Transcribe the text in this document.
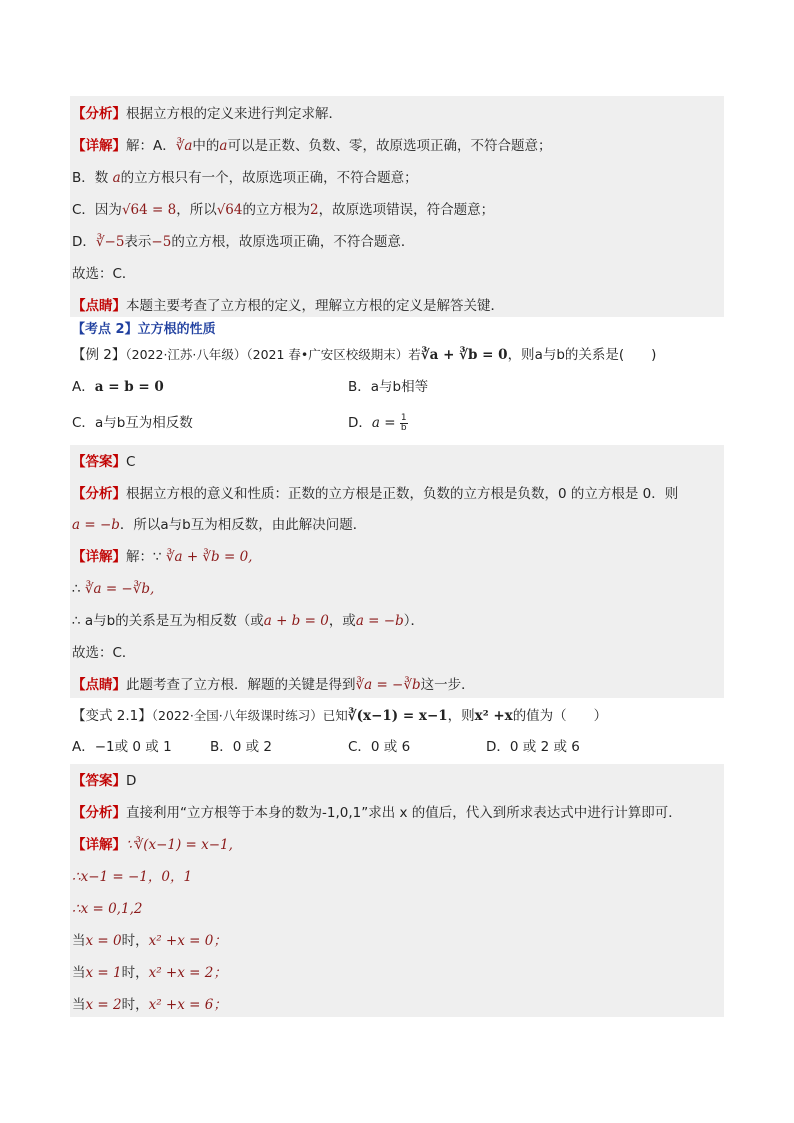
【分析】根据立方根的定义来进行判定求解．
【详解】解：A．∛a中的a可以是正数、负数、零，故原选项正确，不符合题意；
B．数 a的立方根只有一个，故原选项正确，不符合题意；
C．因为√64 = 8，所以√64的立方根为2，故原选项错误，符合题意；
D．∛−5表示−5的立方根，故原选项正确，不符合题意．
故选：C．
【点睛】本题主要考查了立方根的定义，理解立方根的定义是解答关键．
【考点 2】立方根的性质
【例 2】（2022·江苏·八年级）（2021 春•广安区校级期末）若∛a + ∛b = 0，则a与b的关系是(　　)
A．a = b = 0	B．a与b相等
C．a与b互为相反数	D．$a = \frac{1}{b}$
【答案】C
【分析】根据立方根的意义和性质：正数的立方根是正数，负数的立方根是负数，0 的立方根是 0．则
a = −b．所以a与b互为相反数，由此解决问题．
【详解】解：∵ ∛a + ∛b = 0,
∴ ∛a = −∛b,
∴ a与b的关系是互为相反数（或a + b = 0，或a = −b）．
故选：C．
【点睛】此题考查了立方根．解题的关键是得到∛a = −∛b这一步．
【变式 2.1】（2022·全国·八年级课时练习）已知∛(x−1) = x−1，则x² +x的值为（　　）
A．−1或 0 或 1	B．0 或 2	C．0 或 6	D．0 或 2 或 6
【答案】D
【分析】直接利用“立方根等于本身的数为-1,0,1”求出 x 的值后，代入到所求表达式中进行计算即可．
【详解】∵∛(x−1) = x−1,
∴x−1 = −1，0，1
∴x = 0,1,2
当x = 0时，x² +x = 0；
当x = 1时，x² +x = 2；
当x = 2时，x² +x = 6；
